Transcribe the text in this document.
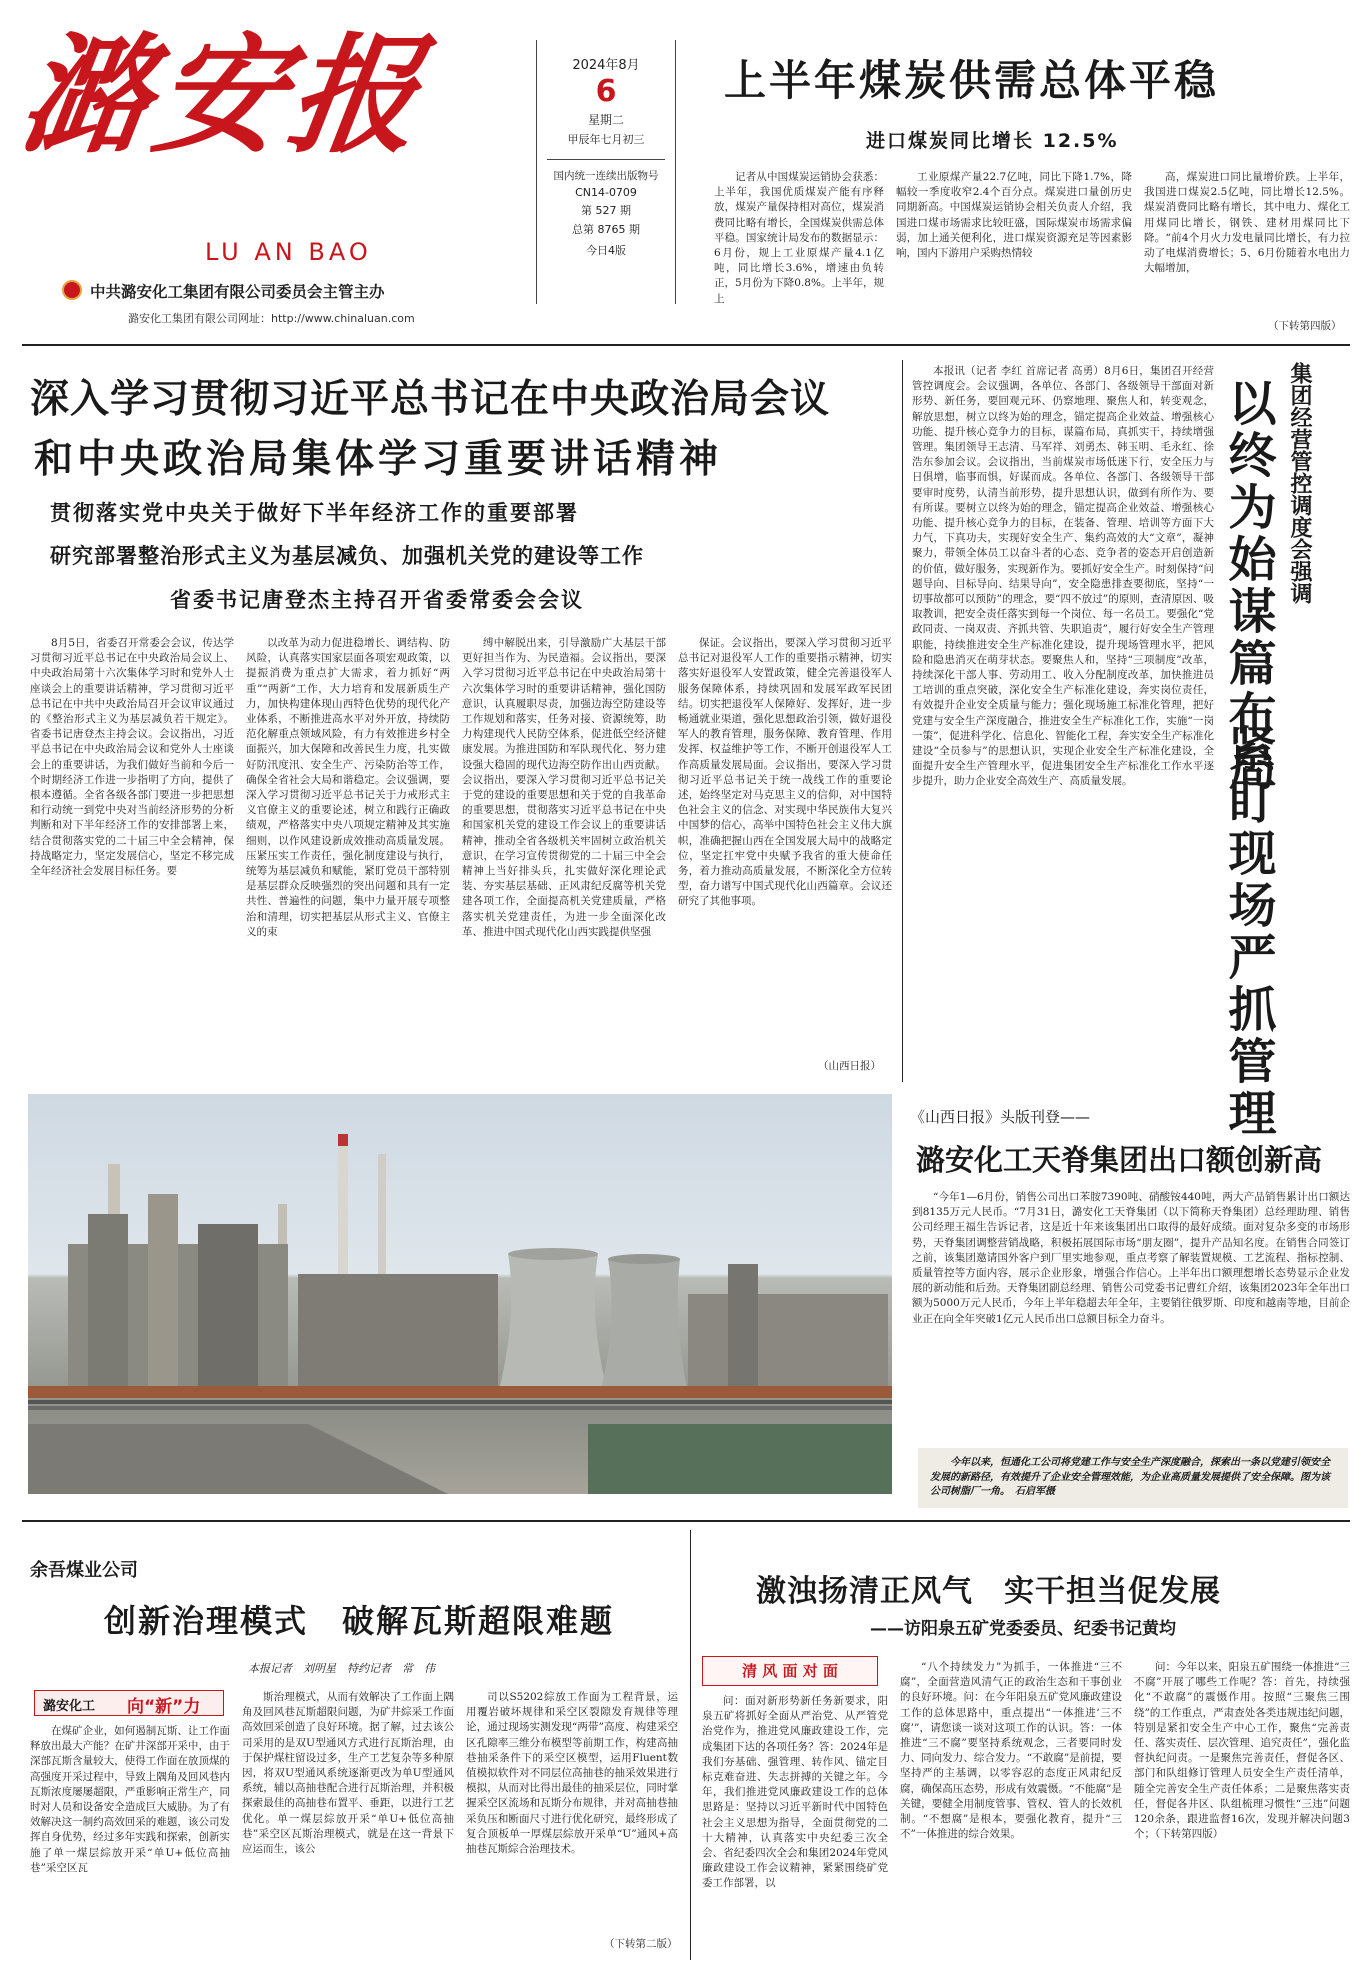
潞安报
LU AN BAO
中共潞安化工集团有限公司委员会主管主办
潞安化工集团有限公司网址：http://www.chinaluan.com
2024年8月
6
星期二
甲辰年七月初三
国内统一连续出版物号
CN14-0709
第 527 期
总第 8765 期
今日4版
上半年煤炭供需总体平稳
进口煤炭同比增长 12.5%

记者从中国煤炭运销协会获悉：上半年，我国优质煤炭产能有序释放，煤炭产量保持相对高位，煤炭消费同比略有增长，全国煤炭供需总体平稳。国家统计局发布的数据显示：6月份，规上工业原煤产量4.1亿吨，同比增长3.6%，增速由负转正，5月份为下降0.8%。上半年，规上

工业原煤产量22.7亿吨，同比下降1.7%，降幅较一季度收窄2.4个百分点。煤炭进口量创历史同期新高。中国煤炭运销协会相关负责人介绍，我国进口煤市场需求比较旺盛，国际煤炭市场需求偏弱，加上通关便利化，进口煤炭资源充足等因素影响，国内下游用户采购热情较

高，煤炭进口同比量增价跌。上半年，我国进口煤炭2.5亿吨，同比增长12.5%。煤炭消费同比略有增长，其中电力、煤化工用煤同比增长，钢铁、建材用煤同比下降。“前4个月火力发电量同比增长，有力拉动了电煤消费增长；5、6月份随着水电出力大幅增加，

（下转第四版）
深入学习贯彻习近平总书记在中央政治局会议
和中央政治局集体学习重要讲话精神
贯彻落实党中央关于做好下半年经济工作的重要部署
研究部署整治形式主义为基层减负、加强机关党的建设等工作
省委书记唐登杰主持召开省委常委会会议

8月5日，省委召开常委会会议，传达学习贯彻习近平总书记在中央政治局会议上、中央政治局第十六次集体学习时和党外人士座谈会上的重要讲话精神，学习贯彻习近平总书记在中共中央政治局召开会议审议通过的《整治形式主义为基层减负若干规定》。省委书记唐登杰主持会议。会议指出，习近平总书记在中央政治局会议和党外人士座谈会上的重要讲话，为我们做好当前和今后一个时期经济工作进一步指明了方向，提供了根本遵循。全省各级各部门要进一步把思想和行动统一到党中央对当前经济形势的分析判断和对下半年经济工作的安排部署上来，结合贯彻落实党的二十届三中全会精神，保持战略定力，坚定发展信心，坚定不移完成全年经济社会发展目标任务。要

以改革为动力促进稳增长、调结构、防风险，认真落实国家层面各项宏观政策，以提振消费为重点扩大需求，着力抓好“两重”“两新”工作，大力培育和发展新质生产力，加快构建体现山西特色优势的现代化产业体系，不断推进高水平对外开放，持续防范化解重点领域风险，有力有效推进乡村全面振兴，加大保障和改善民生力度，扎实做好防汛度汛、安全生产、污染防治等工作，确保全省社会大局和谐稳定。会议强调，要深入学习贯彻习近平总书记关于力戒形式主义官僚主义的重要论述，树立和践行正确政绩观，严格落实中央八项规定精神及其实施细则，以作风建设新成效推动高质量发展。压紧压实工作责任，强化制度建设与执行，统筹为基层减负和赋能，紧盯党员干部特别是基层群众反映强烈的突出问题和具有一定共性、普遍性的问题，集中力量开展专项整治和清理，切实把基层从形式主义、官僚主义的束

缚中解脱出来，引导激励广大基层干部更好担当作为、为民造福。会议指出，要深入学习贯彻习近平总书记在中央政治局第十六次集体学习时的重要讲话精神，强化国防意识，认真履职尽责，加强边海空防建设等工作规划和落实，任务对接、资源统筹，助力构建现代人民防空体系，促进低空经济健康发展。为推进国防和军队现代化、努力建设强大稳固的现代边海空防作出山西贡献。会议指出，要深入学习贯彻习近平总书记关于党的建设的重要思想和关于党的自我革命的重要思想，贯彻落实习近平总书记在中央和国家机关党的建设工作会议上的重要讲话精神，推动全省各级机关牢固树立政治机关意识，在学习宣传贯彻党的二十届三中全会精神上当好排头兵，扎实做好深化理论武装、夯实基层基础、正风肃纪反腐等机关党建各项工作，全面提高机关党建质量，严格落实机关党建责任，为进一步全面深化改革、推进中国式现代化山西实践提供坚强

保证。会议指出，要深入学习贯彻习近平总书记对退役军人工作的重要指示精神，切实落实好退役军人安置政策，健全完善退役军人服务保障体系，持续巩固和发展军政军民团结。切实把退役军人保障好、发挥好，进一步畅通就业渠道，强化思想政治引领，做好退役军人的教育管理，服务保障、教育管理、作用发挥、权益维护等工作，不断开创退役军人工作高质量发展局面。会议指出，要深入学习贯彻习近平总书记关于统一战线工作的重要论述，始终坚定对马克思主义的信仰，对中国特色社会主义的信念、对实现中华民族伟大复兴中国梦的信心，高举中国特色社会主义伟大旗帜，准确把握山西在全国发展大局中的战略定位，坚定扛牢党中央赋予我省的重大使命任务，着力推动高质量发展，不断深化全方位转型，奋力谱写中国式现代化山西篇章。会议还研究了其他事项。

（山西日报）

本报讯（记者 李红 首席记者 高勇）8月6日，集团召开经营管控调度会。会议强调，各单位、各部门、各级领导干部面对新形势、新任务，要回观元环、仍察地理、聚焦人和，转变观念，解放思想，树立以终为始的理念，锚定提高企业效益、增强核心功能、提升核心竞争力的目标，谋篇布局，真抓实干，持续增强管理。集团领导王志清、马军祥、刘勇杰、韩玉明、毛永红、徐浩东参加会议。会议指出，当前煤炭市场低迷下行，安全压力与日俱增，临事而惧，好谋而成。各单位、各部门、各级领导干部要审时度势，认清当前形势，提升思想认识，做到有所作为、要有所谋。要树立以终为始的理念，锚定提高企业效益、增强核心功能、提升核心竞争力的目标，在装备、管理、培训等方面下大力气，下真功夫，实现好安全生产、集约高效的大“文章”，凝神聚力，带领全体员工以奋斗者的心态、竞争者的姿态开启创造新的价值，做好服务，实现新作为。要抓好安全生产。时刻保持“问题导向、目标导向、结果导向”，安全隐患排查要彻底，坚持“一切事故都可以预防”的理念，要“四不放过”的原则，查清原因、吸取教训，把安全责任落实到每一个岗位、每一名员工。要强化“党政同责、一岗双责、齐抓共管、失职追责”，履行好安全生产管理职能，持续推进安全生产标准化建设，提升现场管理水平，把风险和隐患消灭在萌芽状态。要聚焦人和，坚持“三项制度”改革，持续深化干部人事、劳动用工、收入分配制度改革，加快推进员工培训的重点突破，深化安全生产标准化建设，奔实岗位责任，有效提升企业安全质量与能力；强化现场施工标准化管理，把好党建与安全生产深度融合，推进安全生产标准化工作，实施“一岗一策”，促进科学化、信息化、智能化工程，奔实安全生产标准化建设“全员参与”的思想认识，实现企业安全生产标准化建设，全面提升安全生产管理水平，促进集团安全生产标准化工作水平逐步提升，助力企业安全高效生产、高质量发展。

集团经营管控调度会强调
以终为始谋篇布局
紧盯现场严抓管理
《山西日报》头版刊登——
潞安化工天脊集团出口额创新高

“今年1—6月份，销售公司出口苯胺7390吨、硝酸铵440吨，两大产品销售累计出口额达到8135万元人民币。“7月31日，潞安化工天脊集团（以下简称天脊集团）总经理助理、销售公司经理王福生告诉记者，这是近十年来该集团出口取得的最好成绩。面对复杂多变的市场形势，天脊集团调整营销战略，积极拓展国际市场“朋友圈”，提升产品知名度。在销售合同签订之前，该集团邀请国外客户到厂里实地参观，重点考察了解装置规模、工艺流程、指标控制、质量管控等方面内容，展示企业形象，增强合作信心。上半年出口额理想增长态势显示企业发展的新动能和后劲。天脊集团副总经理、销售公司党委书记曹红介绍，该集团2023年全年出口额为5000万元人民币，今年上半年稳超去年全年，主要销往俄罗斯、印度和越南等地，目前企业正在向全年突破1亿元人民币出口总额目标全力奋斗。

今年以来，恒通化工公司将党建工作与安全生产深度融合，探索出一条以党建引领安全发展的新路径，有效提升了企业安全管理效能，为企业高质量发展提供了安全保障。图为该公司树脂厂一角。　石启军摄
余吾煤业公司
创新治理模式　破解瓦斯超限难题
本报记者　刘明星　特约记者　常　伟
潞安化工 向“新”力

在煤矿企业，如何遏制瓦斯、让工作面释放出最大产能？在矿井深部开采中，由于深部瓦斯含量较大，使得工作面在放顶煤的高强度开采过程中，导致上隅角及回风巷内瓦斯浓度屡屡超限，严重影响正常生产，同时对人员和设备安全造成巨大威胁。为了有效解决这一制约高效回采的难题，该公司发挥自身优势，经过多年实践和探索，创新实施了单一煤层綜放开采“单U+低位高抽巷”采空区瓦

斯治理模式，从而有效解决了工作面上隅角及回风巷瓦斯超限问题，为矿井綜采工作面高效回采创造了良好环境。据了解，过去该公司采用的是双U型通风方式进行瓦斯治理，由于保护煤柱留设过多，生产工艺复杂等多种原因，将双U型通风系统逐渐更改为单U型通风系统，辅以高抽巷配合进行瓦斯治理，并积极探索最佳的高抽巷布置平、垂距，以进行工艺优化。单一煤层綜放开采“单U+低位高抽巷”采空区瓦斯治理模式，就是在这一背景下应运而生，该公

司以S5202綜放工作面为工程背景，运用覆岩破坏规律和采空区裂隙发育规律等理论，通过现场实测发现“两带”高度、构建采空区孔隙率三维分布模型等前期工作，构建高抽巷抽采条件下的采空区模型，运用Fluent数值模拟软件对不同层位高抽巷的抽采效果进行模拟，从而对比得出最佳的抽采层位，同时掌握采空区流场和瓦斯分布规律，并对高抽巷抽采负压和断面尺寸进行优化研究，最终形成了复合顶板单一厚煤层綜放开采单“U”通风+高抽巷瓦斯綜合治理技术。

（下转第二版）
激浊扬清正风气　实干担当促发展
——访阳泉五矿党委委员、纪委书记黄均
清 风 面 对 面

问：面对新形势新任务新要求，阳泉五矿将抓好全面从严治党、从严管党治党作为，推进党风廉政建设工作，完成集团下达的各项任务？答：2024年是我们夯基础、强管理、转作风、锚定目标克难奋进、失志拼搏的关键之年。今年，我们推进党风廉政建设工作的总体思路是：坚持以习近平新时代中国特色社会主义思想为指导，全面贯彻党的二十大精神，认真落实中央纪委三次全会、省纪委四次全会和集团2024年党风廉政建设工作会议精神，紧紧围绕矿党委工作部署，以

“八个持续发力”为抓手，一体推进“三不腐”，全面营造风清气正的政治生态和干事创业的良好环境。问：在今年阳泉五矿党风廉政建设工作的总体思路中，重点提出“一体推进‘三不腐’”，请您谈一谈对这项工作的认识。答：一体推进“三不腐”要坚持系统观念，三者要同时发力、同向发力、综合发力。“不敢腐”是前提，要坚持严的主基调，以零容忍的态度正风肃纪反腐，确保高压态势，形成有效震慑。“不能腐”是关键，要健全用制度管事、管权、管人的长效机制。“不想腐”是根本，要强化教育，提升“三不”一体推进的综合效果。

问：今年以来，阳泉五矿围绕一体推进“三不腐”开展了哪些工作呢？答：首先，持续强化“不敢腐”的震慑作用。按照“三聚焦三围绕”的工作重点，严肃查处各类违规违纪问题，特别是紧扣安全生产中心工作，聚焦“完善责任、落实责任、层次管理、追究责任”，强化监督执纪问责。一是聚焦完善责任，督促各区、部门和队组修订管理人员安全生产责任清单，随全完善安全生产责任体系；二是聚焦落实责任，督促各井区、队组梳理习惯性“三违”问题120余条，跟进监督16次，发现并解决问题3个；（下转第四版）
